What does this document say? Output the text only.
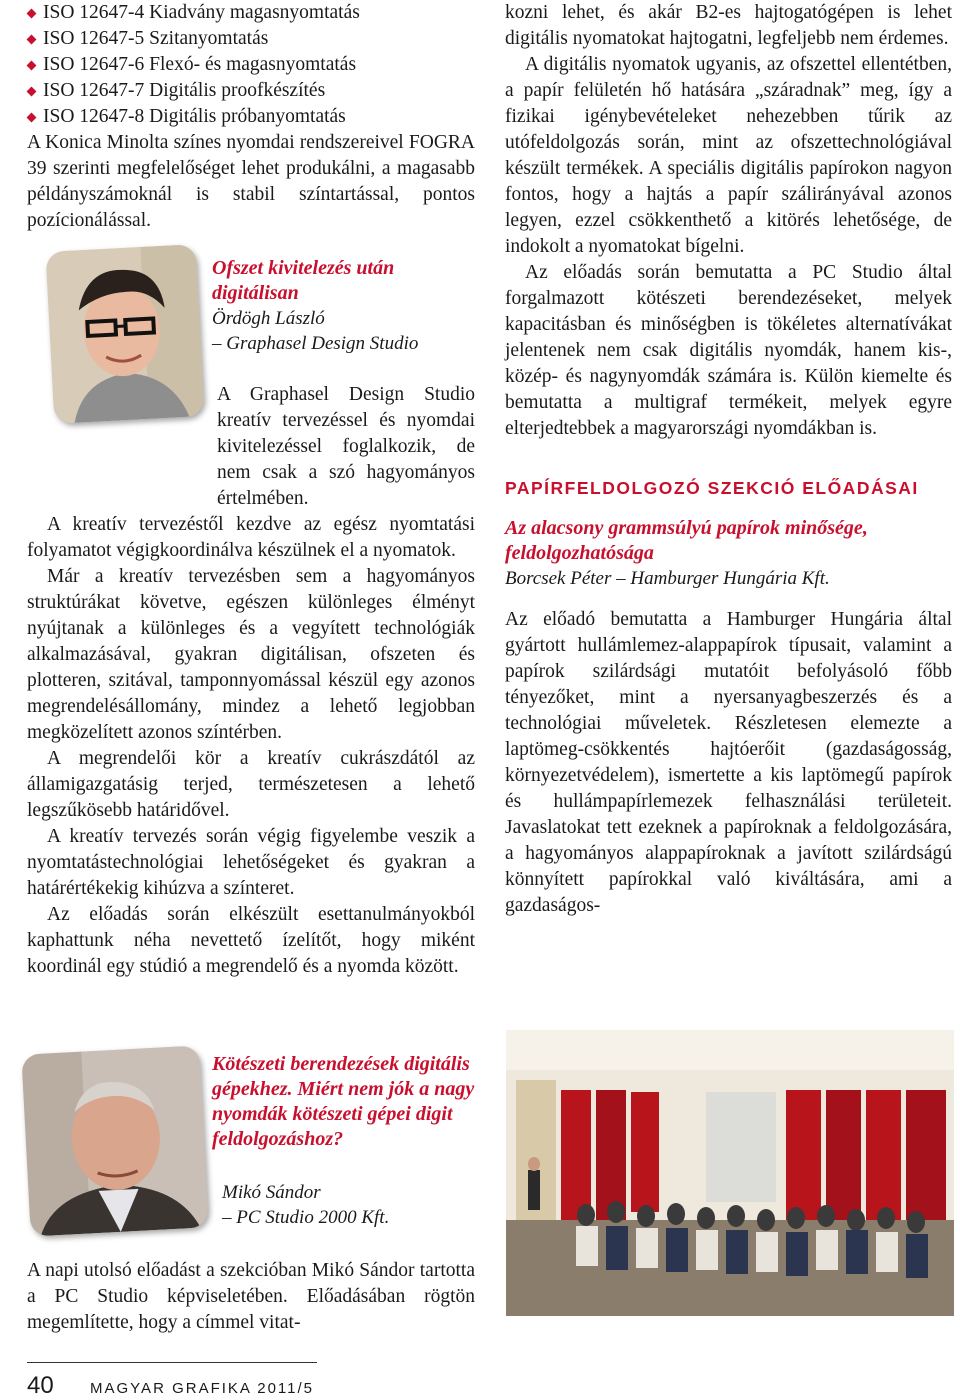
ISO 12647-4 Kiadvány magasnyomtatás
ISO 12647-5 Szitanyomtatás
ISO 12647-6 Flexó- és magasnyomtatás
ISO 12647-7 Digitális proofkészítés
ISO 12647-8 Digitális próbanyomtatás

A Konica Minolta színes nyomdai rendszereivel FOGRA 39 szerinti megfelelőséget lehet produkálni, a magasabb példányszámoknál is stabil színtartással, pontos pozícionálással.

A Graphasel Design Studio kreatív tervezéssel és nyomdai kivitelezéssel foglalkozik, de nem csak a szó hagyományos értelmében.

A kreatív tervezéstől kezdve az egész nyomtatási folyamatot végigkoordinálva készülnek el a nyomatok.

Már a kreatív tervezésben sem a hagyományos struktúrákat követve, egészen különleges élményt nyújtanak a különleges és a vegyített technológiák alkalmazásával, gyakran digitálisan, ofszeten és plotteren, szitával, tamponnyomással készül egy azonos megrendelésállomány, mindez a lehető legjobban megközelített azonos színtérben.

A megrendelői kör a kreatív cukrászdától az államigazgatásig terjed, természetesen a lehető legszűkösebb határidővel.

A kreatív tervezés során végig figyelembe veszik a nyomtatástechnológiai lehetőségeket és gyakran a határértékekig kihúzva a színteret.

Az előadás során elkészült esettanulmányokból kaphattunk néha nevettető ízelítőt, hogy miként koordinál egy stúdió a megrendelő és a nyomda között.

Ofszet kivitelezés után digitálisan
Ördögh László
– Graphasel Design Studio
Kötészeti berendezések digitális gépekhez. Miért nem jók a nagy nyomdák kötészeti gépei digit feldolgozáshoz?
Mikó Sándor
– PC Studio 2000 Kft.

A napi utolsó előadást a szekcióban Mikó Sándor tartotta a PC Studio képviseletében. Előadásában rögtön megemlítette, hogy a címmel vitat-

kozni lehet, és akár B2-es hajtogatógépen is lehet digitális nyomatokat hajtogatni, legfeljebb nem érdemes.

A digitális nyomatok ugyanis, az ofszettel ellentétben, a papír felületén hő hatására „száradnak” meg, így a fizikai igénybevételeket nehezebben tűrik az utófeldolgozás során, mint az ofszettechnológiával készült termékek. A speciális digitális papírokon nagyon fontos, hogy a hajtás a papír szálirányával azonos legyen, ezzel csökkenthető a kitörés lehetősége, de indokolt a nyomatokat bígelni.

Az előadás során bemutatta a PC Studio által forgalmazott kötészeti berendezéseket, melyek kapacitásban és minőségben is tökéletes alternatívákat jelentenek nem csak digitális nyomdák, hanem kis-, közép- és nagynyomdák számára is. Külön kiemelte és bemutatta a multigraf termékeit, melyek egyre elterjedtebbek a magyarországi nyomdákban is.

PAPÍRFELDOLGOZÓ SZEKCIÓ ELŐADÁSAI
Az alacsony grammsúlyú papírok minősége, feldolgozhatósága
Borcsek Péter – Hamburger Hungária Kft.

Az előadó bemutatta a Hamburger Hungária által gyártott hullámlemez-alappapírok típusait, valamint a papírok szilárdsági mutatóit befolyásoló főbb tényezőket, mint a nyersanyagbeszerzés és a technológiai műveletek. Részletesen elemezte a laptömeg-csökkentés hajtóerőit (gazdaságosság, környezetvédelem), ismertette a kis laptömegű papírok és hullámpapírlemezek felhasználási területeit. Javaslatokat tett ezeknek a papíroknak a feldolgozására, a hagyományos alappapíroknak a javított szilárdságú könnyített papírokkal való kiváltására, ami a gazdaságos-

40 MAGYAR GRAFIKA 2011/5
